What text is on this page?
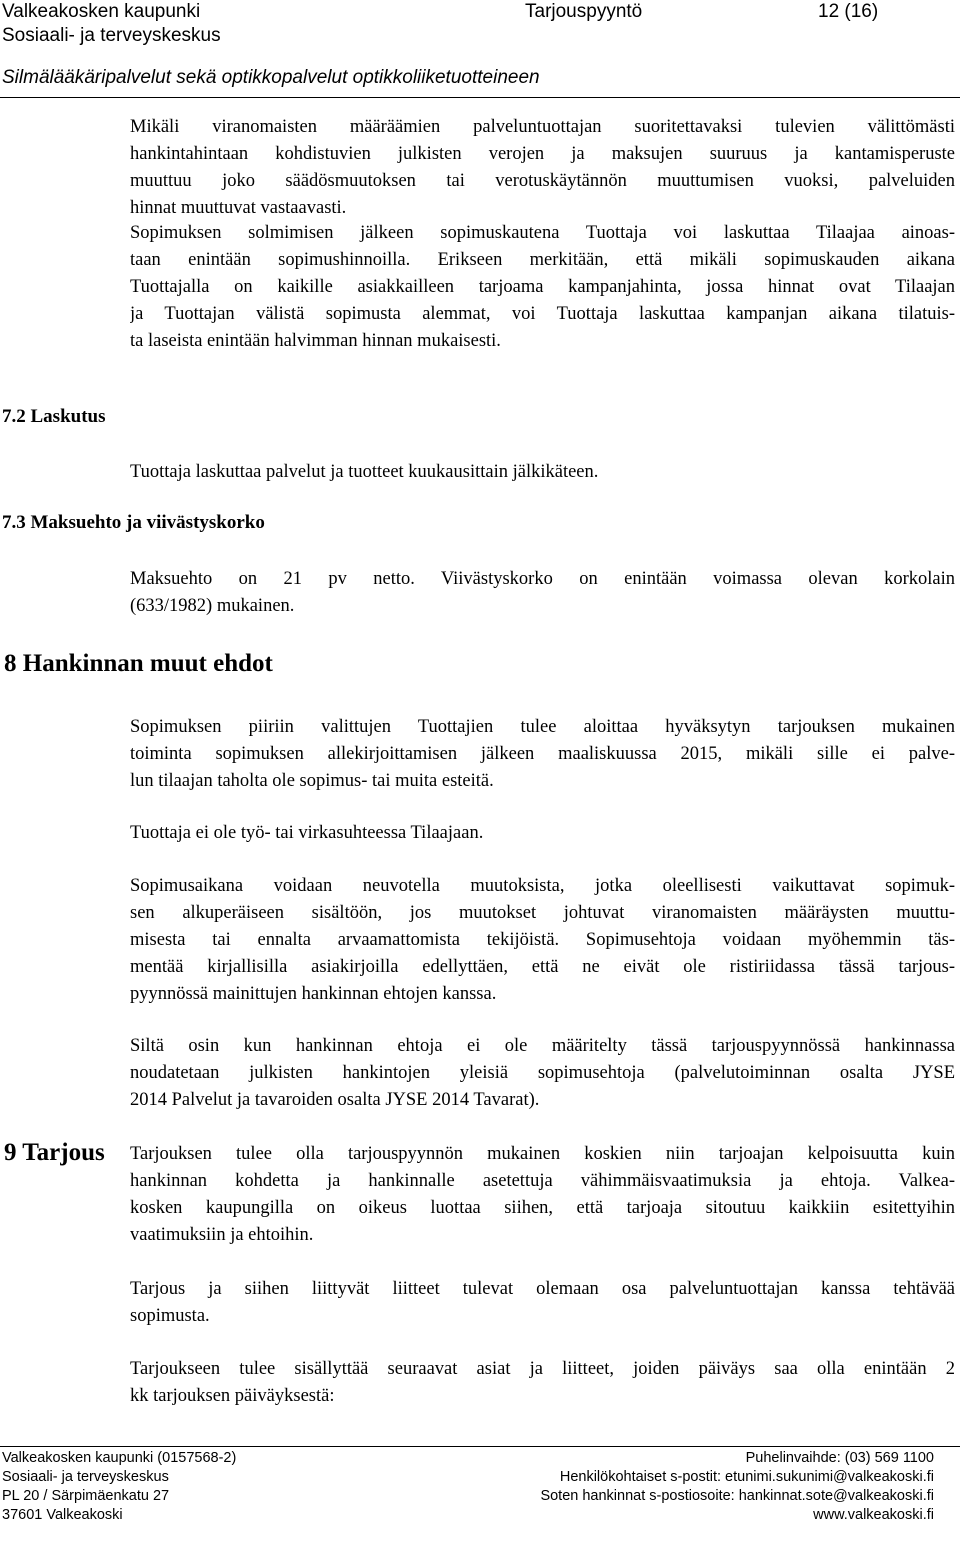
Valkeakosken kaupunki	Tarjouspyyntö	12 (16)
Sosiaali- ja terveyskeskus
Silmälääkäripalvelut sekä optikkopalvelut optikkoliiketuotteineen
Mikäli viranomaisten määräämien palveluntuottajan suoritettavaksi tulevien välittömästi
hankintahintaan kohdistuvien julkisten verojen ja maksujen suuruus ja kantamisperuste
muuttuu joko säädösmuutoksen tai verotuskäytännön muuttumisen vuoksi, palveluiden
hinnat muuttuvat vastaavasti.
Sopimuksen solmimisen jälkeen sopimuskautena Tuottaja voi laskuttaa Tilaajaa ainoas-
taan enintään sopimushinnoilla. Erikseen merkitään, että mikäli sopimuskauden aikana
Tuottajalla on kaikille asiakkailleen tarjoama kampanjahinta, jossa hinnat ovat Tilaajan
ja Tuottajan välistä sopimusta alemmat, voi Tuottaja laskuttaa kampanjan aikana tilatuis-
ta laseista enintään halvimman hinnan mukaisesti.
7.2 Laskutus
Tuottaja laskuttaa palvelut ja tuotteet kuukausittain jälkikäteen.
7.3 Maksuehto ja viivästyskorko
Maksuehto on 21 pv netto. Viivästyskorko on enintään voimassa olevan korkolain
(633/1982) mukainen.
8 Hankinnan muut ehdot
Sopimuksen piiriin valittujen Tuottajien tulee aloittaa hyväksytyn tarjouksen mukainen
toiminta sopimuksen allekirjoittamisen jälkeen maaliskuussa 2015, mikäli sille ei palve-
lun tilaajan taholta ole sopimus- tai muita esteitä.
Tuottaja ei ole työ- tai virkasuhteessa Tilaajaan.
Sopimusaikana voidaan neuvotella muutoksista, jotka oleellisesti vaikuttavat sopimuk-
sen alkuperäiseen sisältöön, jos muutokset johtuvat viranomaisten määräysten muuttu-
misesta tai ennalta arvaamattomista tekijöistä. Sopimusehtoja voidaan myöhemmin täs-
mentää kirjallisilla asiakirjoilla edellyttäen, että ne eivät ole ristiriidassa tässä tarjous-
pyynnössä mainittujen hankinnan ehtojen kanssa.
Siltä osin kun hankinnan ehtoja ei ole määritelty tässä tarjouspyynnössä hankinnassa
noudatetaan julkisten hankintojen yleisiä sopimusehtoja (palvelutoiminnan osalta JYSE
2014 Palvelut ja tavaroiden osalta JYSE 2014 Tavarat).
9 Tarjous Tarjouksen tulee olla tarjouspyynnön mukainen koskien niin tarjoajan kelpoisuutta kuin
hankinnan kohdetta ja hankinnalle asetettuja vähimmäisvaatimuksia ja ehtoja. Valkea-
kosken kaupungilla on oikeus luottaa siihen, että tarjoaja sitoutuu kaikkiin esitettyihin
vaatimuksiin ja ehtoihin.
Tarjous ja siihen liittyvät liitteet tulevat olemaan osa palveluntuottajan kanssa tehtävää
sopimusta.
Tarjoukseen tulee sisällyttää seuraavat asiat ja liitteet, joiden päiväys saa olla enintään 2
kk tarjouksen päiväyksestä:
Valkeakosken kaupunki (0157568-2)
Sosiaali- ja terveyskeskus
PL 20 / Särpimäenkatu 27
37601 Valkeakoski
Puhelinvaihde: (03) 569 1100
Henkilökohtaiset s-postit: etunimi.sukunimi@valkeakoski.fi
Soten hankinnat s-postiosoite: hankinnat.sote@valkeakoski.fi
www.valkeakoski.fi
